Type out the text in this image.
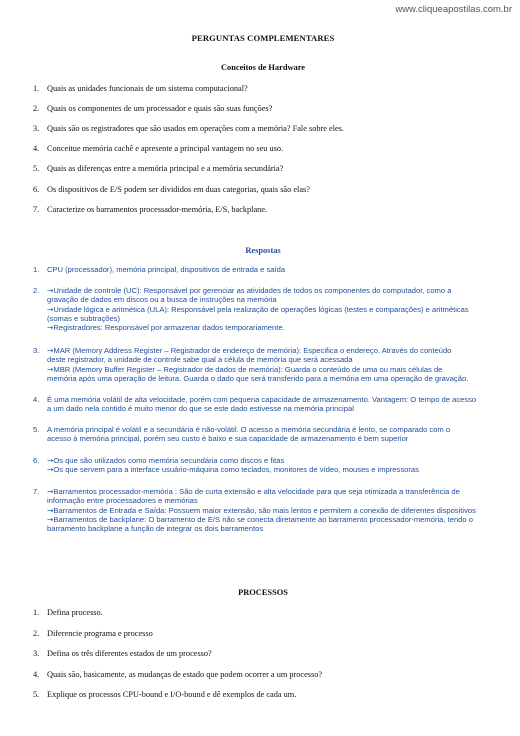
www.cliqueapostilas.com.br
PERGUNTAS COMPLEMENTARES
Conceitos de Hardware
1. Quais as unidades funcionais de um sistema computacional?
2. Quais os componentes de um processador e quais são suas funções?
3. Quais são os registradores que são usados em operações com a memória? Fale sobre eles.
4. Conceitue memória cachê e apresente a principal vantagem no seu uso.
5. Quais as diferenças entre a memória principal e a memória secundária?
6. Os dispositivos de E/S podem ser divididos em duas categorias, quais são elas?
7. Caracterize os barramentos processador-memória, E/S, backplane.
Respostas
1.	CPU (processador), memória principal, dispositivos de entrada e saída
2.	→Unidade de controle (UC): Responsável por gerenciar as atividades de todos os componentes do computador, como a
gravação de dados em discos ou a busca de instruções na memória
→Unidade lógica e aritmética (ULA): Responsável pela realização de operações lógicas (testes e comparações) e aritméticas
(somas e subtrações)
→Registradores: Responsável por armazenar dados temporariamente.
3.	→MAR (Memory Address Register – Registrador de endereço de memória): Especifica o endereço. Através do conteúdo
deste registrador, a unidade de controle sabe qual a célula de memória que será acessada
→MBR (Memory Buffer Register – Registrador de dados de memória): Guarda o conteúdo de uma ou mais células de
memória após uma operação de leitura. Guarda o dado que será transferido para a memória em uma operação de gravação.
4.	É uma memória volátil de alta velocidade, porém com pequena capacidade de armazenamento. Vantagem: O tempo de acesso
a um dado nela contido é muito menor do que se este dado estivesse na memória principal
5.	A memória principal é volátil e a secundária é não-volátil. O acesso a memória secundária é lento, se comparado com o
acesso à memória principal, porém seu custo é baixo e sua capacidade de armazenamento é bem superior
6.	→Os que são utilizados como memória secundária como discos e fitas
→Os que servem para a interface usuário-máquina como teclados, monitores de vídeo, mouses e impressoras
7.	→Barramentos processador-memória : São de curta extensão e alta velocidade para que seja otimizada a transferência de
informação entre processadores e memórias
→Barramentos de Entrada e Saída: Possuem maior extensão, são mais lentos e permitem a conexão de diferentes dispositivos
→Barramentos de backplane: O barramento de E/S não se conecta diretamente ao barramento processador-memória, tendo o
barramento backplane a função de integrar os dois barramentos
PROCESSOS
1. Defina processo.
2. Diferencie programa e processo
3. Defina os três diferentes estados de um processo?
4. Quais são, basicamente, as mudanças de estado que podem ocorrer a um processo?
5. Explique os processos CPU-bound e I/O-bound e dê exemplos de cada um.
